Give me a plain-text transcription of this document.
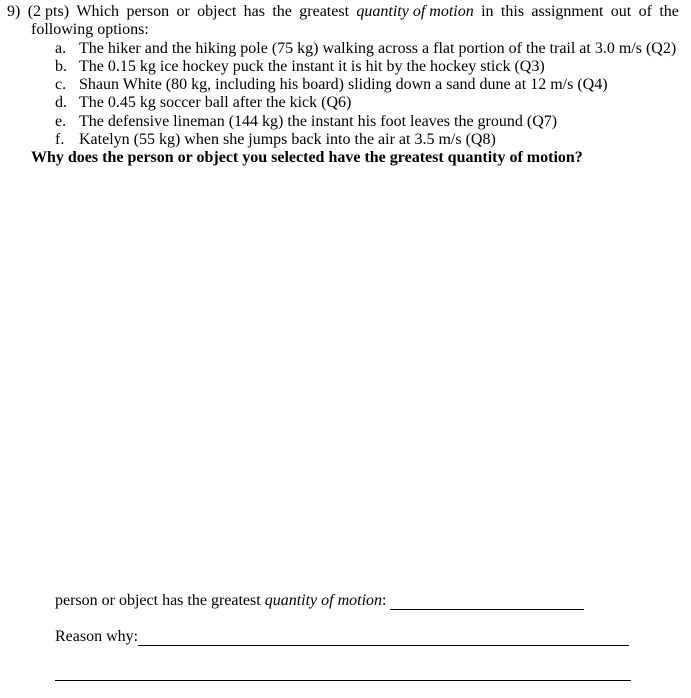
9) (2 pts) Which person or object has the greatest quantity of motion in this assignment out of the
following options:
a. The hiker and the hiking pole (75 kg) walking across a flat portion of the trail at 3.0 m/s (Q2)
b. The 0.15 kg ice hockey puck the instant it is hit by the hockey stick (Q3)
c. Shaun White (80 kg, including his board) sliding down a sand dune at 12 m/s (Q4)
d. The 0.45 kg soccer ball after the kick (Q6)
e. The defensive lineman (144 kg) the instant his foot leaves the ground (Q7)
f. Katelyn (55 kg) when she jumps back into the air at 3.5 m/s (Q8)
Why does the person or object you selected have the greatest quantity of motion?
person or object has the greatest
quantity of motion :
Reason why:
